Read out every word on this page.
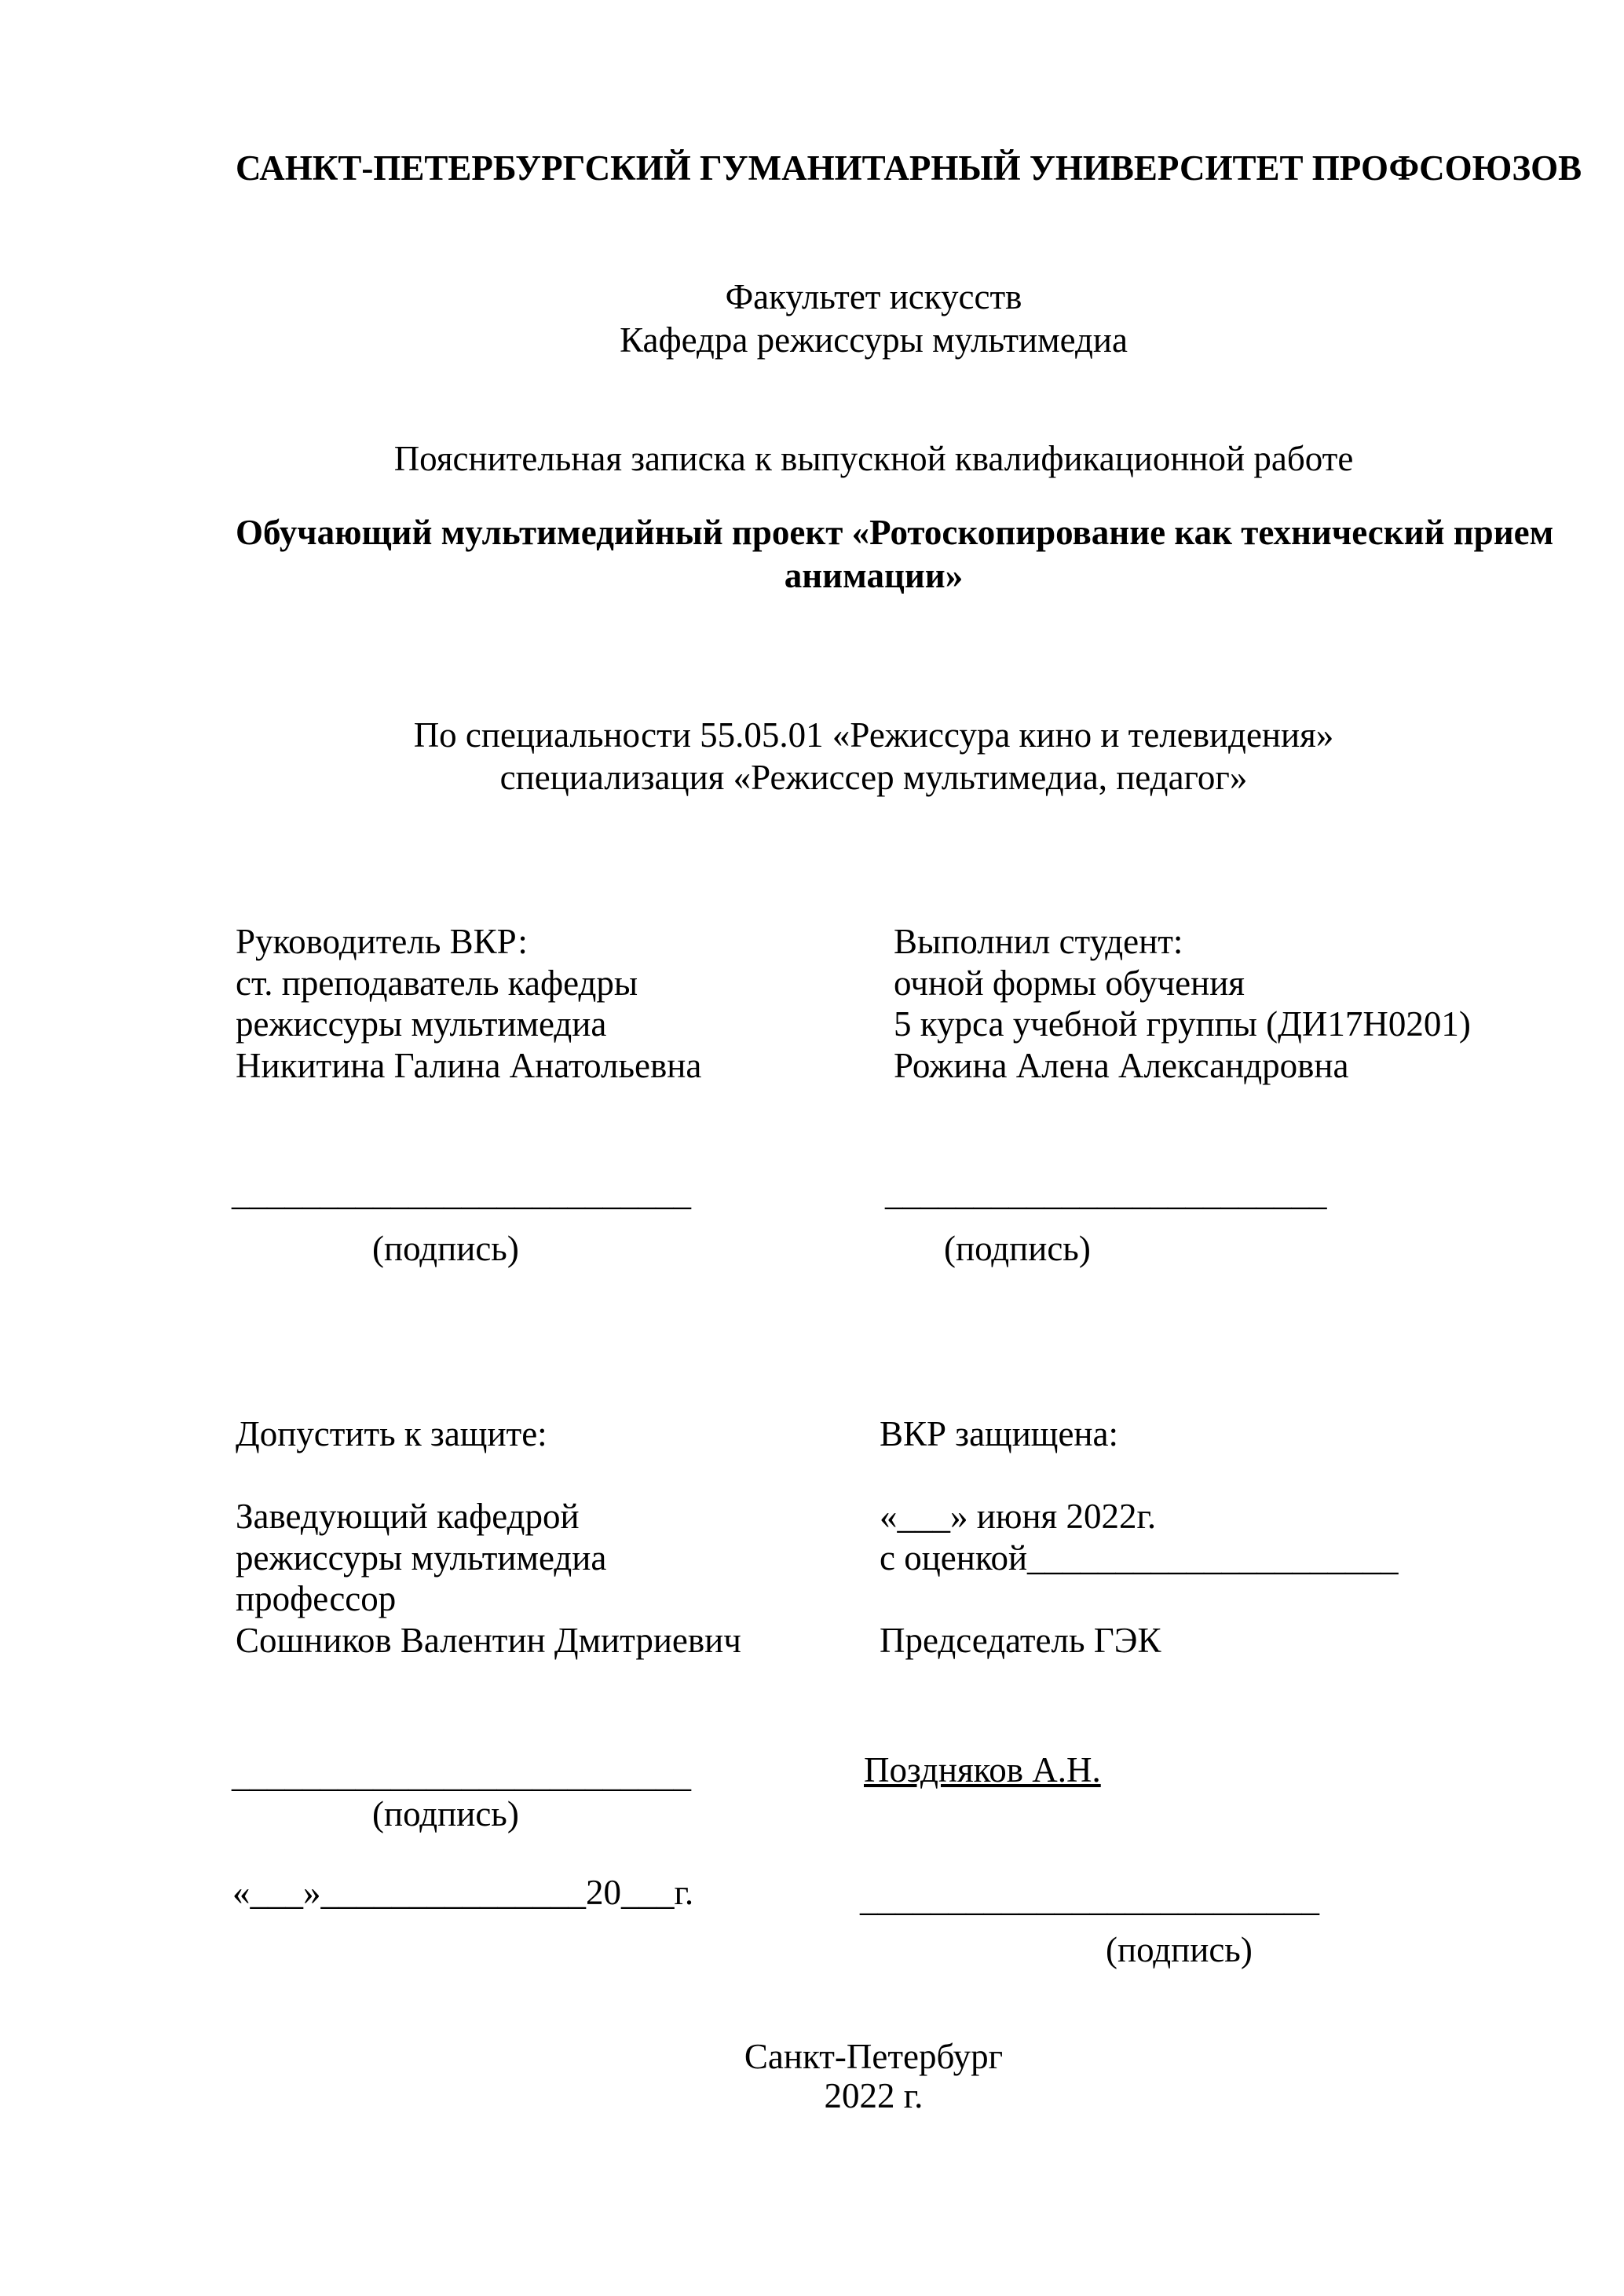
САНКТ-ПЕТЕРБУРГСКИЙ ГУМАНИТАРНЫЙ УНИВЕРСИТЕТ ПРОФСОЮЗОВ
Факультет искусств
Кафедра режиссуры мультимедиа
Пояснительная записка к выпускной квалификационной работе
Обучающий мультимедийный проект «Ротоскопирование как технический прием
анимации»
По специальности 55.05.01 «Режиссура кино и телевидения»
специализация «Режиссер мультимедиа, педагог»
Руководитель ВКР:
ст. преподаватель кафедры
режиссуры мультимедиа
Никитина Галина Анатольевна
Выполнил студент:
очной формы обучения
5 курса учебной группы (ДИ17Н0201)
Рожина Алена Александровна
__________________________	_________________________
(подпись)	(подпись)
Допустить к защите:
Заведующий кафедрой
режиссуры мультимедиа
профессор
Сошников Валентин Дмитриевич
ВКР защищена:
«___» июня 2022г.
с оценкой_____________________
Председатель ГЭК
Поздняков А.Н.
__________________________
(подпись)
«___»_______________20___г.	__________________________
(подпись)
Санкт-Петербург
2022 г.
